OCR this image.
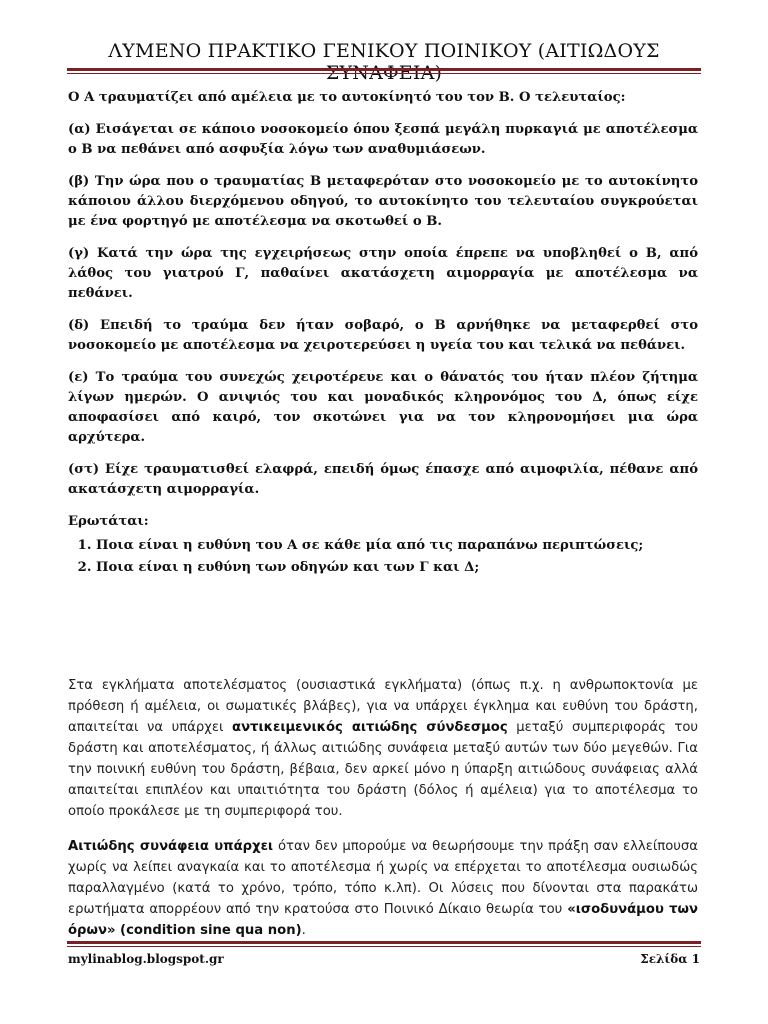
ΛΥΜΕΝΟ ΠΡΑΚΤΙΚΟ ΓΕΝΙΚΟΥ ΠΟΙΝΙΚΟΥ (ΑΙΤΙΩΔΟΥΣ

Ο Α τραυματίζει από αμέλεια με το αυτοκίνητό του τον Β. Ο τελευταίος:

(α) Εισάγεται σε κάποιο νοσοκομείο όπου ξεσπά μεγάλη πυρκαγιά με αποτέλεσμα ο Β να πεθάνει από ασφυξία λόγω των αναθυμιάσεων.

(β) Την ώρα που ο τραυματίας Β μεταφερόταν στο νοσοκομείο με το αυτοκίνητο κάποιου άλλου διερχόμενου οδηγού, το αυτοκίνητο του τελευταίου συγκρούεται με ένα φορτηγό με αποτέλεσμα να σκοτωθεί ο Β.

(γ) Κατά την ώρα της εγχειρήσεως στην οποία έπρεπε να υποβληθεί ο Β, από λάθος του γιατρού Γ, παθαίνει ακατάσχετη αιμορραγία με αποτέλεσμα να πεθάνει.

(δ) Επειδή το τραύμα δεν ήταν σοβαρό, ο Β αρνήθηκε να μεταφερθεί στο νοσοκομείο με αποτέλεσμα να χειροτερεύσει η υγεία του και τελικά να πεθάνει.

(ε) Το τραύμα του συνεχώς χειροτέρευε και ο θάνατός του ήταν πλέον ζήτημα λίγων ημερών. Ο ανιψιός του και μοναδικός κληρονόμος του Δ, όπως είχε αποφασίσει από καιρό, τον σκοτώνει για να τον κληρονομήσει μια ώρα αρχύτερα.

(στ) Είχε τραυματισθεί ελαφρά, επειδή όμως έπασχε από αιμοφιλία, πέθανε από ακατάσχετη αιμορραγία.

Ερωτάται:

1. Ποια είναι η ευθύνη του Α σε κάθε μία από τις παραπάνω περιπτώσεις;
2. Ποια είναι η ευθύνη των οδηγών και των Γ και Δ;

Στα εγκλήματα αποτελέσματος (ουσιαστικά εγκλήματα) (όπως π.χ. η ανθρωποκτονία με πρόθεση ή αμέλεια, οι σωματικές βλάβες), για να υπάρχει έγκλημα και ευθύνη του δράστη, απαιτείται να υπάρχει αντικειμενικός αιτιώδης σύνδεσμος μεταξύ συμπεριφοράς του δράστη και αποτελέσματος, ή άλλως αιτιώδης συνάφεια μεταξύ αυτών των δύο μεγεθών. Για την ποινική ευθύνη του δράστη, βέβαια, δεν αρκεί μόνο η ύπαρξη αιτιώδους συνάφειας αλλά απαιτείται επιπλέον και υπαιτιότητα του δράστη (δόλος ή αμέλεια) για το αποτέλεσμα το οποίο προκάλεσε με τη συμπεριφορά του.

Αιτιώδης συνάφεια υπάρχει όταν δεν μπορούμε να θεωρήσουμε την πράξη σαν ελλείπουσα χωρίς να λείπει αναγκαία και το αποτέλεσμα ή χωρίς να επέρχεται το αποτέλεσμα ουσιωδώς παραλλαγμένο (κατά το χρόνο, τρόπο, τόπο κ.λπ). Οι λύσεις που δίνονται στα παρακάτω ερωτήματα απορρέουν από την κρατούσα στο Ποινικό Δίκαιο θεωρία του «ισοδυνάμου των όρων» (condition sine qua non).

mylinablog.blogspot.gr	Σελίδα 1
